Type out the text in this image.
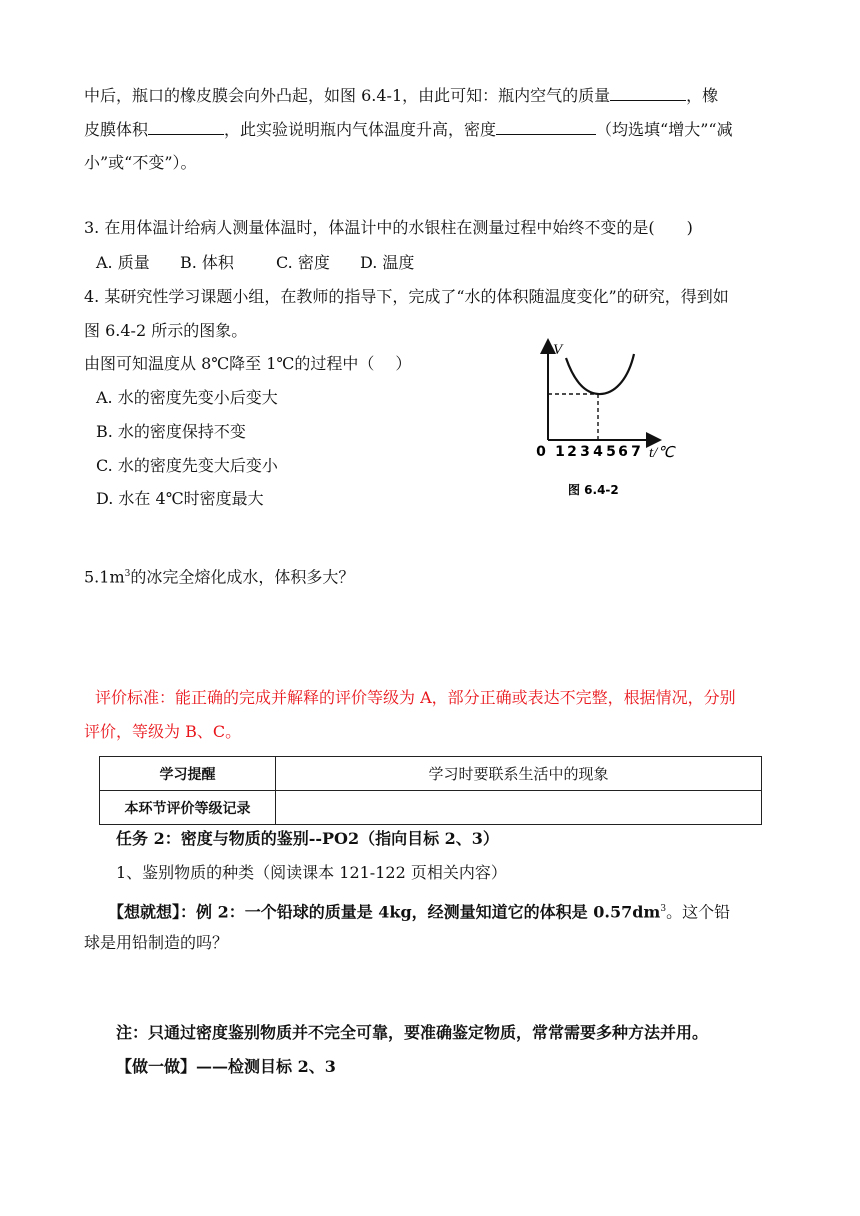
中后，瓶口的橡皮膜会向外凸起，如图 6.4-1，由此可知：瓶内空气的质量	，橡
皮膜体积	，此实验说明瓶内气体温度升高，密度	（均选填“增大”“减
小”或“不变”）。
3. 在用体温计给病人测量体温时，体温计中的水银柱在测量过程中始终不变的是(　　)
A. 质量 B. 体积	C. 密度 D. 温度
4. 某研究性学习课题小组，在教师的指导下，完成了“水的体积随温度变化”的研究，得到如
图 6.4-2 所示的图象。
由图可知温度从 8℃降至 1℃的过程中（　 ）
A. 水的密度先变小后变大
B. 水的密度保持不变
C. 水的密度先变大后变小
D. 水在 4℃时密度最大
V
0 1 2 3 4 5 6 7 t/℃
图 6.4-2
$5.1m^3$的冰完全熔化成水，体积多大？
评价标准：能正确的完成并解释的评价等级为 A，部分正确或表达不完整，根据情况，分别
评价，等级为 B、C。
学习提醒	学习时要联系生活中的现象
本环节评价等级记录	
任务 2：密度与物质的鉴别--PO2（指向目标 2、3）
1、鉴别物质的种类（阅读课本 121-122 页相关内容）
【想就想】：例 2：一个铅球的质量是 4kg，经测量知道它的体积是 $0.57dm^3$。这个铅
球是用铅制造的吗？
注：只通过密度鉴别物质并不完全可靠，要准确鉴定物质，常常需要多种方法并用。
【做一做】——检测目标 2、3
